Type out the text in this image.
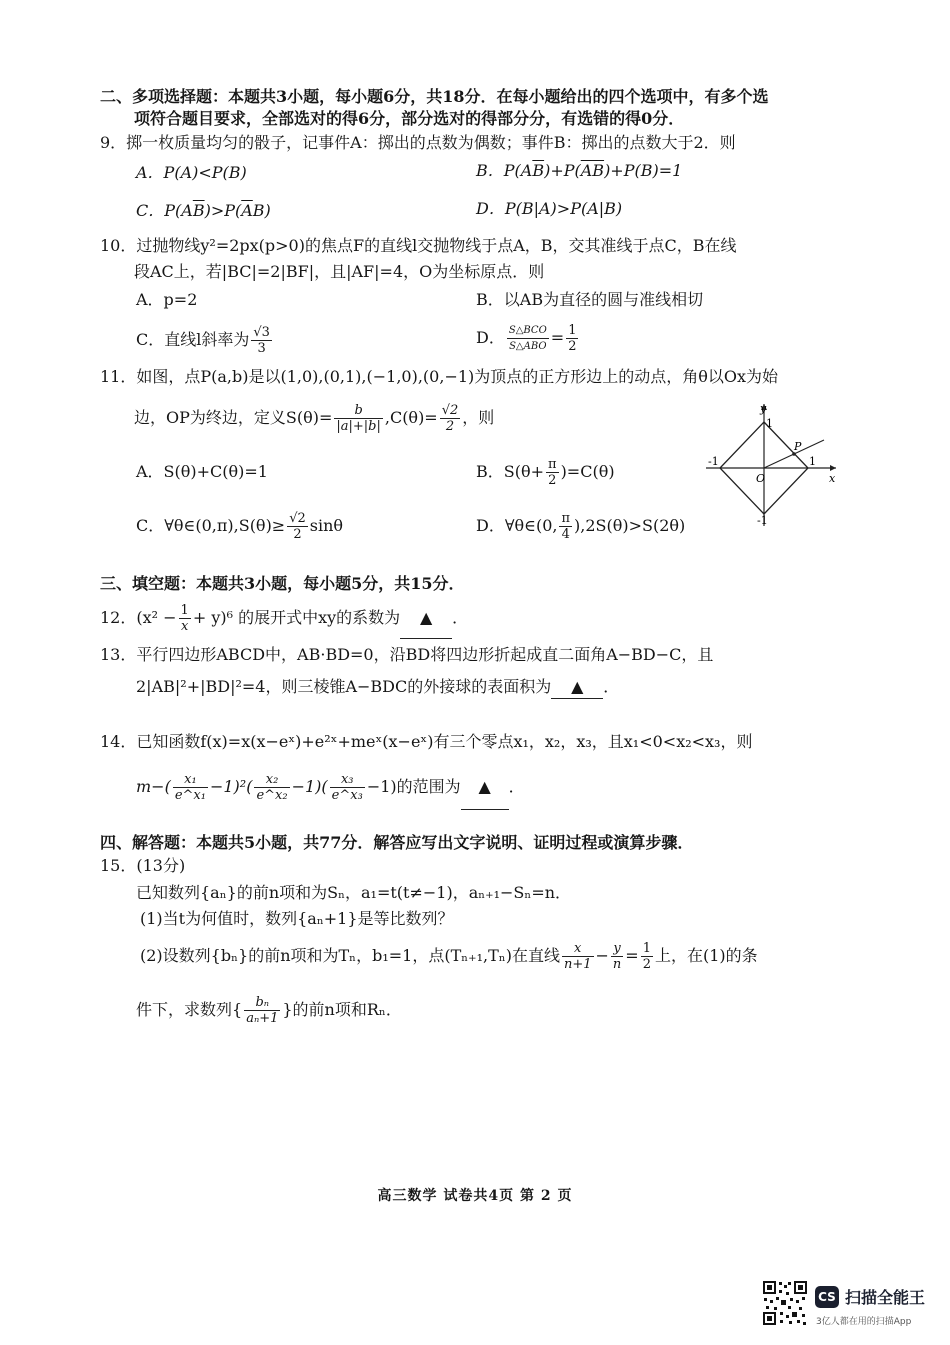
二、多项选择题：本题共3小题，每小题6分，共18分．在每小题给出的四个选项中，有多个选
项符合题目要求，全部选对的得6分，部分选对的得部分分，有选错的得0分．
9．掷一枚质量均匀的骰子，记事件A：掷出的点数为偶数；事件B：掷出的点数大于2．则
A．P(A)<P(B)	B．$P(A\overline{B})+P(\overline{AB})+P(B)=1$
C．$P(A\overline{B})>P(\overline{A}B)$	D．P(B|A)>P(A|B)
10．过抛物线y²=2px(p>0)的焦点F的直线l交抛物线于点A，B，交其准线于点C，B在线
段AC上，若|BC|=2|BF|，且|AF|=4，O为坐标原点．则
A．p=2	B．以AB为直径的圆与准线相切
C．直线l斜率为 $\frac{√3}{3}$	D． $\frac{\text{S△BCO}}{\text{S△ABO}} = \frac{1}{2}$
11．如图，点P(a,b)是以(1,0),(0,1),(−1,0),(0,−1)为顶点的正方形边上的动点，角θ以Ox为始
边，OP为终边，定义$S(\theta)= \frac{b}{|a|+|b|} ,C(\theta)= \frac{√2}{2}$ ，则
A．S(θ)+C(θ)=1	B．$S(\theta+ \frac{\pi}{2} )=C(\theta)$
C．∀θ∈(0,π),S(θ)≥ $\frac{√2}{2}$ sinθ	D．∀θ∈(0, $\frac{\pi}{4} ),2S(\theta)>S(2\theta)$
y
x
1
-1
-1	1
O
P
三、填空题：本题共3小题，每小题5分，共15分．
12．$(x^2 - \frac{1}{x} + y)^6$ 的展开式中xy的系数为 ▲ ．
13．平行四边形ABCD中，AB·BD=0，沿BD将四边形折起成直二面角A−BD−C，且
2|AB|²+|BD|²=4，则三棱锥A−BDC的外接球的表面积为 ▲ ．
14．已知函数f(x)=x(x−eˣ)+e²ˣ+meˣ(x−eˣ)有三个零点x₁，x₂，x₃，且x₁<0<x₂<x₃，则
$m-( \frac{\text{x₁}}{\text{e\textasciicircum{}x₁}} -1)^2( \frac{\text{x₂}}{\text{e\textasciicircum{}x₂}} -1)( \frac{\text{x₃}}{\text{e\textasciicircum{}x₃}} -1)$的范围为 ▲ ．
四、解答题：本题共5小题，共77分．解答应写出文字说明、证明过程或演算步骤．
15．(13分)
已知数列{aₙ}的前n项和为Sₙ，a₁=t(t≠−1)，aₙ₊₁−Sₙ=n．
(1)当t为何值时，数列{aₙ+1}是等比数列？
(2)设数列{bₙ}的前n项和为Tₙ，b₁=1，点(Tₙ₊₁,Tₙ)在直线 $\frac{x}{n+1} - \frac{y}{n} = \frac{1}{2}$ 上，在(1)的条
件下，求数列{ $\frac{\text{bₙ}}{\text{aₙ+1}}$ }的前n项和Rₙ．
高三数学 试卷共4页 第 2 页
CS 扫描全能王
3亿人都在用的扫描App
